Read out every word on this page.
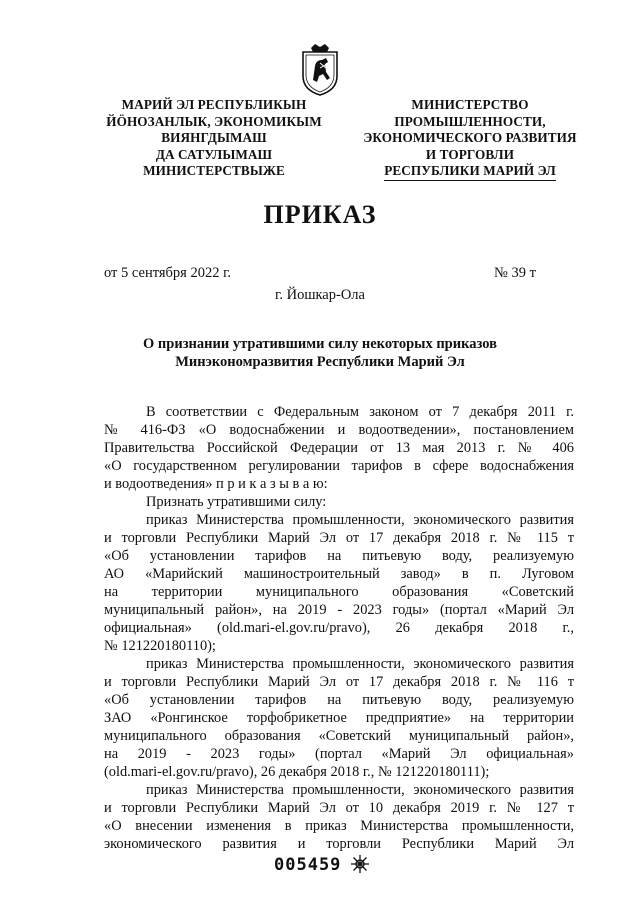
МАРИЙ ЭЛ РЕСПУБЛИКЫН
ЙÖНОЗАНЛЫК, ЭКОНОМИКЫМ
ВИЯНГДЫМАШ
ДА САТУЛЫМАШ
МИНИСТЕРСТВЫЖЕ
МИНИСТЕРСТВО
ПРОМЫШЛЕННОСТИ,
ЭКОНОМИЧЕСКОГО РАЗВИТИЯ
И ТОРГОВЛИ
РЕСПУБЛИКИ МАРИЙ ЭЛ
ПРИКАЗ
от 5 сентября 2022 г.	№ 39 т
г. Йошкар-Ола
О признании утратившими силу некоторых приказов
Минэкономразвития Республики Марий Эл
В соответствии с Федеральным законом от 7 декабря 2011 г.
№ 416-ФЗ «О водоснабжении и водоотведении», постановлением
Правительства Российской Федерации от 13 мая 2013 г. № 406
«О государственном регулировании тарифов в сфере водоснабжения
и водоотведения» п р и к а з ы в а ю:
Признать утратившими силу:
приказ Министерства промышленности, экономического развития
и торговли Республики Марий Эл от 17 декабря 2018 г. № 115 т
«Об установлении тарифов на питьевую воду, реализуемую
АО «Марийский машиностроительный завод» в п. Луговом
на территории муниципального образования «Советский
муниципальный район», на 2019 - 2023 годы» (портал «Марий Эл
официальная» (old.mari-el.gov.ru/pravo), 26 декабря 2018 г.,
№ 121220180110);
приказ Министерства промышленности, экономического развития
и торговли Республики Марий Эл от 17 декабря 2018 г. № 116 т
«Об установлении тарифов на питьевую воду, реализуемую
ЗАО «Ронгинское торфобрикетное предприятие» на территории
муниципального образования «Советский муниципальный район»,
на 2019 - 2023 годы» (портал «Марий Эл официальная»
(old.mari-el.gov.ru/pravo), 26 декабря 2018 г., № 121220180111);
приказ Министерства промышленности, экономического развития
и торговли Республики Марий Эл от 10 декабря 2019 г. № 127 т
«О внесении изменения в приказ Министерства промышленности,
экономического развития и торговли Республики Марий Эл
005459
